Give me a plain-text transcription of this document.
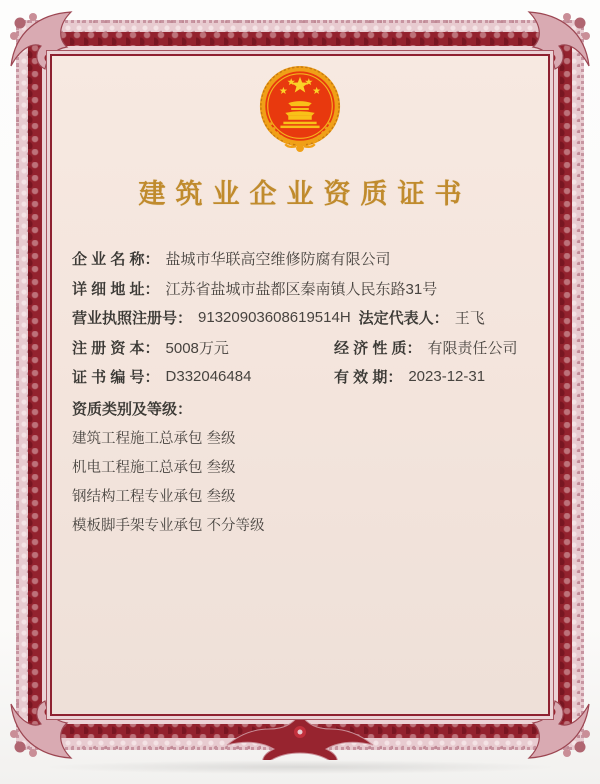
建筑业企业资质证书
企 业 名 称： 盐城市华联高空维修防腐有限公司
详 细 地 址： 江苏省盐城市盐都区秦南镇人民东路31号
营业执照注册号： 91320903608619514H 法定代表人： 王飞
注 册 资 本： 5008万元	经 济 性 质： 有限责任公司
证 书 编 号： D332046484	有 效 期： 2023-12-31
资质类别及等级：
建筑工程施工总承包 叁级
机电工程施工总承包 叁级
钢结构工程专业承包 叁级
模板脚手架专业承包 不分等级
